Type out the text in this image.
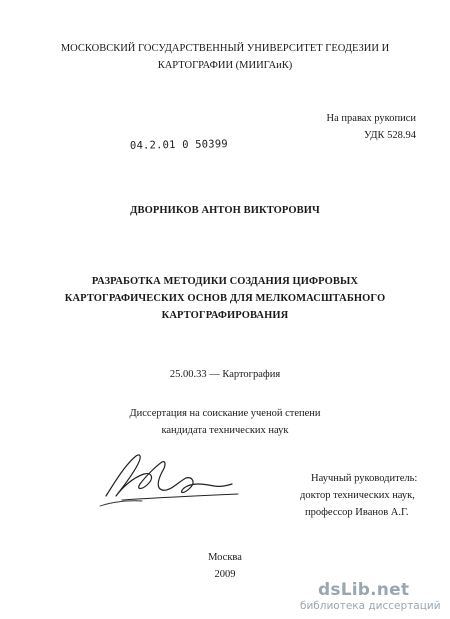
МОСКОВСКИЙ ГОСУДАРСТВЕННЫЙ УНИВЕРСИТЕТ ГЕОДЕЗИИ И
КАРТОГРАФИИ (МИИГАиК)
На правах рукописи
УДК 528.94
04.2.01 0 50399
ДВОРНИКОВ АНТОН ВИКТОРОВИЧ
РАЗРАБОТКА МЕТОДИКИ СОЗДАНИЯ ЦИФРОВЫХ
КАРТОГРАФИЧЕСКИХ ОСНОВ ДЛЯ МЕЛКОМАСШТАБНОГО
КАРТОГРАФИРОВАНИЯ
25.00.33 — Картография
Диссертация на соискание ученой степени
кандидата технических наук
Научный руководитель:
доктор технических наук,
профессор Иванов А.Г.
Москва
2009
dsLib.net
библиотека диссертаций
